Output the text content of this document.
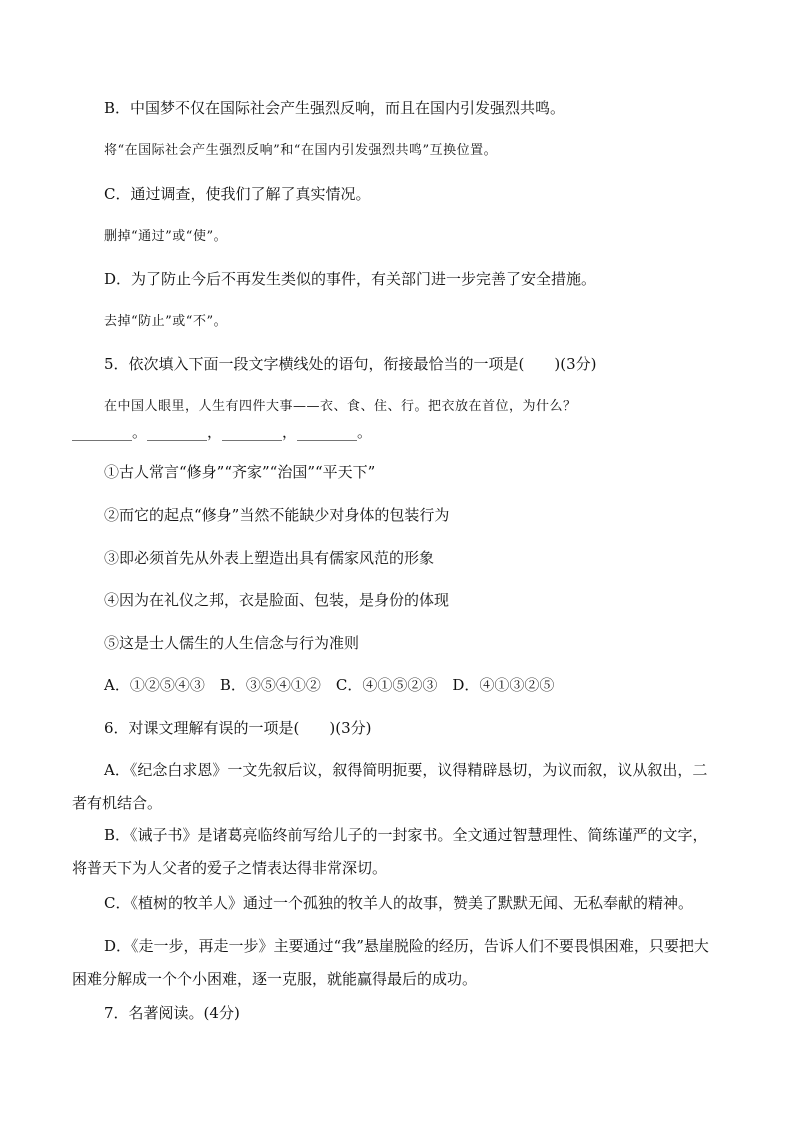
B．中国梦不仅在国际社会产生强烈反响，而且在国内引发强烈共鸣。
将“在国际社会产生强烈反响”和“在国内引发强烈共鸣”互换位置。
C．通过调查，使我们了解了真实情况。
删掉“通过”或“使”。
D．为了防止今后不再发生类似的事件，有关部门进一步完善了安全措施。
去掉“防止”或“不”。
5．依次填入下面一段文字横线处的语句，衔接最恰当的一项是(　　)(3分)
在中国人眼里，人生有四件大事——衣、食、住、行。把衣放在首位，为什么？
________。________，________，________。
①古人常言“修身”“齐家”“治国”“平天下”
②而它的起点“修身”当然不能缺少对身体的包装行为
③即必须首先从外表上塑造出具有儒家风范的形象
④因为在礼仪之邦，衣是脸面、包装，是身份的体现
⑤这是士人儒生的人生信念与行为准则
A．①②⑤④③　B．③⑤④①②　C．④①⑤②③　D．④①③②⑤
6．对课文理解有误的一项是(　　)(3分)
A．《纪念白求恩》一文先叙后议，叙得简明扼要，议得精辟恳切，为议而叙，议从叙出，二者有机结合。
B．《诫子书》是诸葛亮临终前写给儿子的一封家书。全文通过智慧理性、简练谨严的文字，将普天下为人父者的爱子之情表达得非常深切。
C．《植树的牧羊人》通过一个孤独的牧羊人的故事，赞美了默默无闻、无私奉献的精神。
D．《走一步，再走一步》主要通过“我”悬崖脱险的经历，告诉人们不要畏惧困难，只要把大困难分解成一个个小困难，逐一克服，就能赢得最后的成功。
7．名著阅读。(4分)
